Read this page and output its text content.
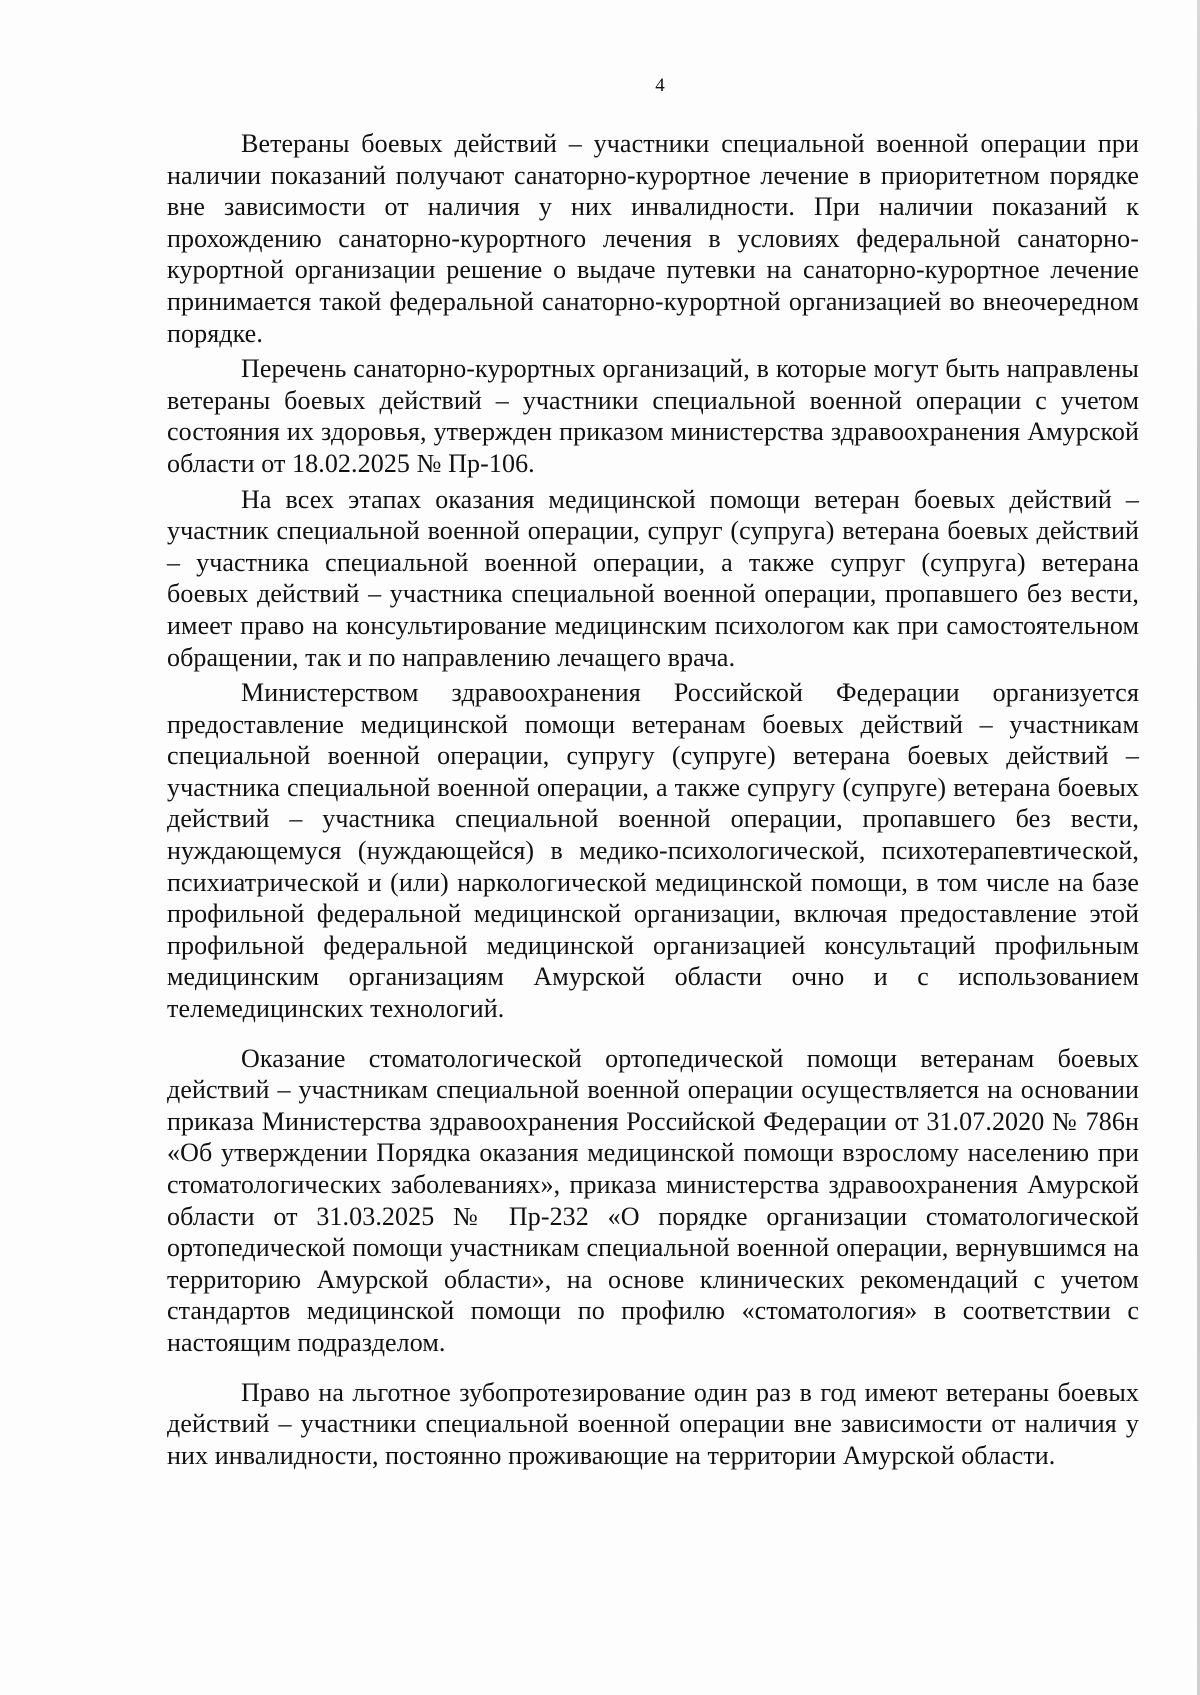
4

Ветераны боевых действий – участники специальной военной операции при наличии показаний получают санаторно-курортное лечение в приоритетном порядке вне зависимости от наличия у них инвалидности. При наличии показаний к прохождению санаторно-курортного лечения в условиях федеральной санаторно-курортной организации решение о выдаче путевки на санаторно-курортное лечение принимается такой федеральной санаторно-курортной организацией во внеочередном порядке.

Перечень санаторно-курортных организаций, в которые могут быть направлены ветераны боевых действий – участники специальной военной операции с учетом состояния их здоровья, утвержден приказом министерства здравоохранения Амурской области от 18.02.2025 № Пр-106.

На всех этапах оказания медицинской помощи ветеран боевых действий – участник специальной военной операции, супруг (супруга) ветерана боевых действий – участника специальной военной операции, а также супруг (супруга) ветерана боевых действий – участника специальной военной операции, пропавшего без вести, имеет право на консультирование медицинским психологом как при самостоятельном обращении, так и по направлению лечащего врача.

Министерством здравоохранения Российской Федерации организуется предоставление медицинской помощи ветеранам боевых действий – участникам специальной военной операции, супругу (супруге) ветерана боевых действий – участника специальной военной операции, а также супругу (супруге) ветерана боевых действий – участника специальной военной операции, пропавшего без вести, нуждающемуся (нуждающейся) в медико-психологической, психотерапевтической, психиатрической и (или) наркологической медицинской помощи, в том числе на базе профильной федеральной медицинской организации, включая предоставление этой профильной федеральной медицинской организацией консультаций профильным медицинским организациям Амурской области очно и с использованием телемедицинских технологий.

Оказание стоматологической ортопедической помощи ветеранам боевых действий – участникам специальной военной операции осуществляется на основании приказа Министерства здравоохранения Российской Федерации от 31.07.2020 № 786н «Об утверждении Порядка оказания медицинской помощи взрослому населению при стоматологических заболеваниях», приказа министерства здравоохранения Амурской области от 31.03.2025 № Пр-232 «О порядке организации стоматологической ортопедической помощи участникам специальной военной операции, вернувшимся на территорию Амурской области», на основе клинических рекомендаций с учетом стандартов медицинской помощи по профилю «стоматология» в соответствии с настоящим подразделом.

Право на льготное зубопротезирование один раз в год имеют ветераны боевых действий – участники специальной военной операции вне зависимости от наличия у них инвалидности, постоянно проживающие на территории Амурской области.
